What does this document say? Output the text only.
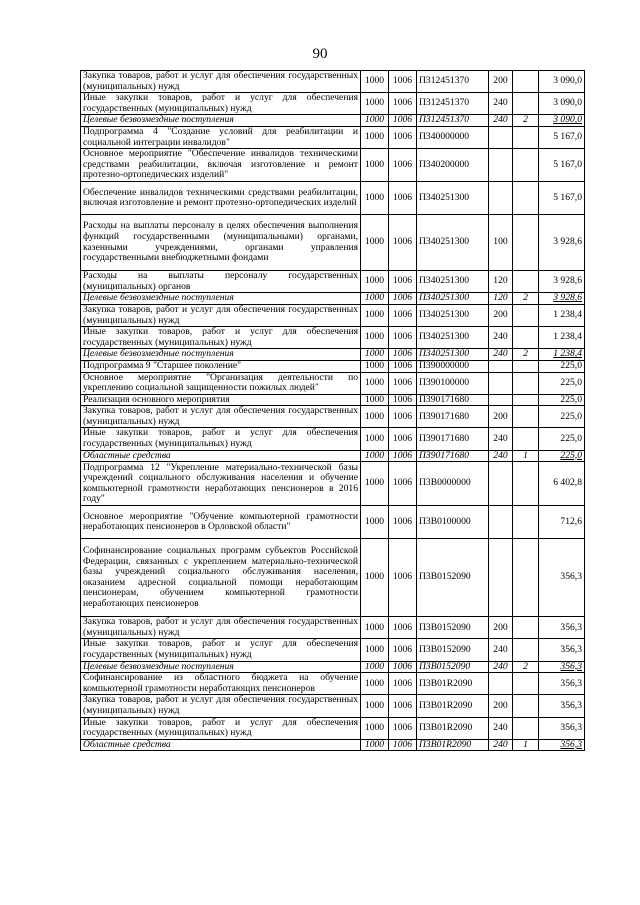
90
Закупка товаров, работ и услуг для обеспечения государственных (муниципальных) нужд	1000	1006	П312451370	200		3 090,0
Иные закупки товаров, работ и услуг для обеспечения государственных (муниципальных) нужд	1000	1006	П312451370	240		3 090,0
Целевые безвозмездные поступления	1000	1006	П312451370	240	2	3 090,0
Подпрограмма 4 "Создание условий для реабилитации и социальной интеграции инвалидов"	1000	1006	П340000000			5 167,0
Основное мероприятие "Обеспечение инвалидов техническими средствами реабилитации, включая изготовление и ремонт протезно-ортопедических изделий"	1000	1006	П340200000			5 167,0
Обеспечение инвалидов техническими средствами реабилитации, включая изготовление и ремонт протезно-ортопедических изделий	1000	1006	П340251300			5 167,0
Расходы на выплаты персоналу в целях обеспечения выполнения функций государственными (муниципальными) органами, казенными учреждениями, органами управления государственными внебюджетными фондами	1000	1006	П340251300	100		3 928,6
Расходы на выплаты персоналу государственных (муниципальных) органов	1000	1006	П340251300	120		3 928,6
Целевые безвозмездные поступления	1000	1006	П340251300	120	2	3 928,6
Закупка товаров, работ и услуг для обеспечения государственных (муниципальных) нужд	1000	1006	П340251300	200		1 238,4
Иные закупки товаров, работ и услуг для обеспечения государственных (муниципальных) нужд	1000	1006	П340251300	240		1 238,4
Целевые безвозмездные поступления	1000	1006	П340251300	240	2	1 238,4
Подпрограмма 9 "Старшее поколение"	1000	1006	П390000000			225,0
Основное мероприятие "Организация деятельности по укреплению социальной защищенности пожилых людей"	1000	1006	П390100000			225,0
Реализация основного мероприятия	1000	1006	П390171680			225,0
Закупка товаров, работ и услуг для обеспечения государственных (муниципальных) нужд	1000	1006	П390171680	200		225,0
Иные закупки товаров, работ и услуг для обеспечения государственных (муниципальных) нужд	1000	1006	П390171680	240		225,0
Областные средства	1000	1006	П390171680	240	1	225,0
Подпрограмма 12 "Укрепление материально-технической базы учреждений социального обслуживания населения и обучение компьютерной грамотности неработающих пенсионеров в 2016 году"	1000	1006	П3В0000000			6 402,8
Основное мероприятие "Обучение компьютерной грамотности неработающих пенсионеров в Орловской области"	1000	1006	П3В0100000			712,6
Софинансирование социальных программ субъектов Российской Федерации, связанных с укреплением материально-технической базы учреждений социального обслуживания населения, оказанием адресной социальной помощи неработающим пенсионерам, обучением компьютерной грамотности неработающих пенсионеров	1000	1006	П3В0152090			356,3
Закупка товаров, работ и услуг для обеспечения государственных (муниципальных) нужд	1000	1006	П3В0152090	200		356,3
Иные закупки товаров, работ и услуг для обеспечения государственных (муниципальных) нужд	1000	1006	П3В0152090	240		356,3
Целевые безвозмездные поступления	1000	1006	П3В0152090	240	2	356,3
Софинансирование из областного бюджета на обучение компьютерной грамотности неработающих пенсионеров	1000	1006	П3В01R2090			356,3
Закупка товаров, работ и услуг для обеспечения государственных (муниципальных) нужд	1000	1006	П3В01R2090	200		356,3
Иные закупки товаров, работ и услуг для обеспечения государственных (муниципальных) нужд	1000	1006	П3В01R2090	240		356,3
Областные средства	1000	1006	П3В01R2090	240	1	356,3
